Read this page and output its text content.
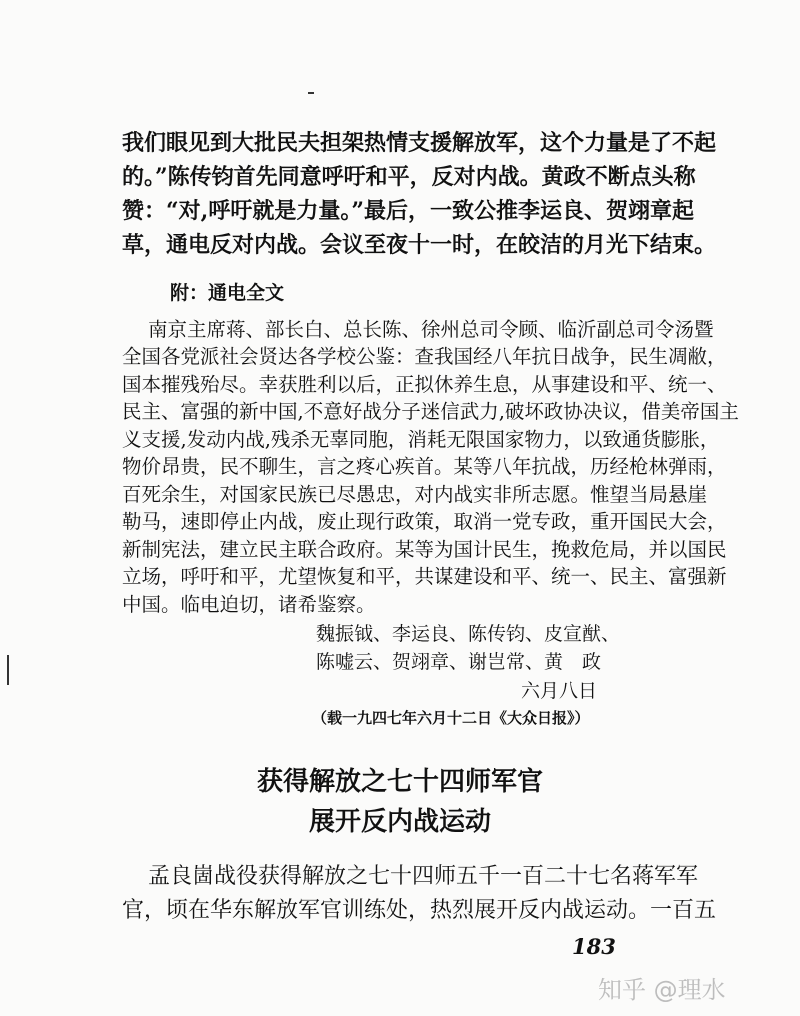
我们眼见到大批民夫担架热情支援解放军，这个力量是了不起
的。”陈传钧首先同意呼吁和平，反对内战。黄政不断点头称
赞：“对,呼吁就是力量。”最后，一致公推李运良、贺翊章起
草，通电反对内战。会议至夜十一时，在皎洁的月光下结束。
附：通电全文
南京主席蒋、部长白、总长陈、徐州总司令顾、临沂副总司令汤暨
全国各党派社会贤达各学校公鉴：查我国经八年抗日战争，民生凋敝，
国本摧残殆尽。幸获胜利以后，正拟休养生息，从事建设和平、统一、
民主、富强的新中国,不意好战分子迷信武力,破坏政协决议，借美帝国主
义支援,发动内战,残杀无辜同胞，消耗无限国家物力，以致通货膨胀，
物价昂贵，民不聊生，言之疼心疾首。某等八年抗战，历经枪林弹雨，
百死余生，对国家民族已尽愚忠，对内战实非所志愿。惟望当局悬崖
勒马，速即停止内战，废止现行政策，取消一党专政，重开国民大会，
新制宪法，建立民主联合政府。某等为国计民生，挽救危局，并以国民
立场，呼吁和平，尤望恢复和平，共谋建设和平、统一、民主、富强新
中国。临电迫切，诸希鉴察。
魏振钺、李运良、陈传钧、皮宣猷、
陈嘘云、贺翊章、谢岂常、黄　政
六月八日
（载一九四七年六月十二日《大众日报》）
获得解放之七十四师军官
展开反内战运动
孟良崮战役获得解放之七十四师五千一百二十七名蒋军军
官，顷在华东解放军官训练处，热烈展开反内战运动。一百五
183
知乎 @理水
